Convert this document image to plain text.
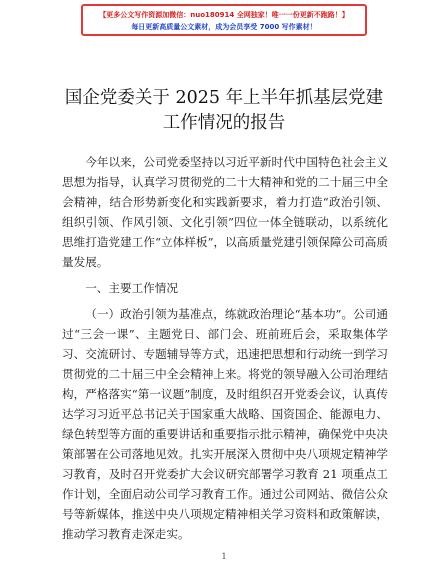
【更多公文写作资源加微信：nuo180914 全网独家！唯一一份更新不跑路！】
每日更新高质量公文素材，成为会员享受 7000 写作素材！
国企党委关于 2025 年上半年抓基层党建工作情况的报告

今年以来，公司党委坚持以习近平新时代中国特色社会主义思想为指导，认真学习贯彻党的二十大精神和党的二十届三中全会精神，结合形势新变化和实践新要求，着力打造“政治引领、组织引领、作风引领、文化引领”四位一体全链联动，以系统化思维打造党建工作“立体样板”，以高质量党建引领保障公司高质量发展。

一、主要工作情况

（一）政治引领为基准点，练就政治理论“基本功”。公司通过“三会一课”、主题党日、部门会、班前班后会，采取集体学习、交流研讨、专题辅导等方式，迅速把思想和行动统一到学习贯彻党的二十届三中全会精神上来。将党的领导融入公司治理结构，严格落实“第一议题”制度，及时组织召开党委会议，认真传达学习习近平总书记关于国家重大战略、国资国企、能源电力、绿色转型等方面的重要讲话和重要指示批示精神，确保党中央决策部署在公司落地见效。扎实开展深入贯彻中央八项规定精神学习教育，及时召开党委扩大会议研究部署学习教育 21 项重点工作计划，全面启动公司学习教育工作。通过公司网站、微信公众号等新媒体，推送中央八项规定精神相关学习资料和政策解读，推动学习教育走深走实。

1
